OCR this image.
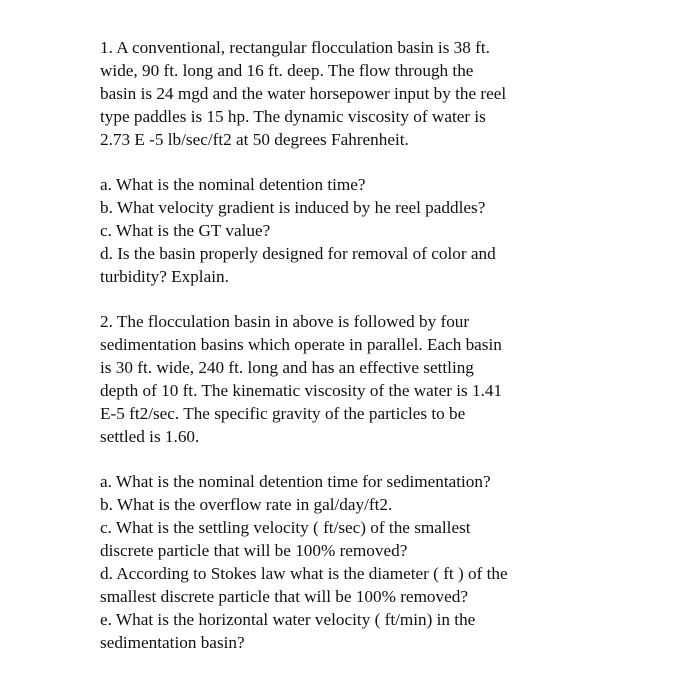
1. A conventional, rectangular flocculation basin is 38 ft.
wide, 90 ft. long and 16 ft. deep. The flow through the
basin is 24 mgd and the water horsepower input by the reel
type paddles is 15 hp. The dynamic viscosity of water is
2.73 E -5 lb/sec/ft2 at 50 degrees Fahrenheit.

a. What is the nominal detention time?

b. What velocity gradient is induced by he reel paddles?

c. What is the GT value?

d. Is the basin properly designed for removal of color and
turbidity? Explain.

2. The flocculation basin in above is followed by four
sedimentation basins which operate in parallel. Each basin
is 30 ft. wide, 240 ft. long and has an effective settling
depth of 10 ft. The kinematic viscosity of the water is 1.41
E-5 ft2/sec. The specific gravity of the particles to be
settled is 1.60.

a. What is the nominal detention time for sedimentation?

b. What is the overflow rate in gal/day/ft2.

c. What is the settling velocity ( ft/sec) of the smallest
discrete particle that will be 100% removed?

d. According to Stokes law what is the diameter ( ft ) of the
smallest discrete particle that will be 100% removed?

e. What is the horizontal water velocity ( ft/min) in the
sedimentation basin?
